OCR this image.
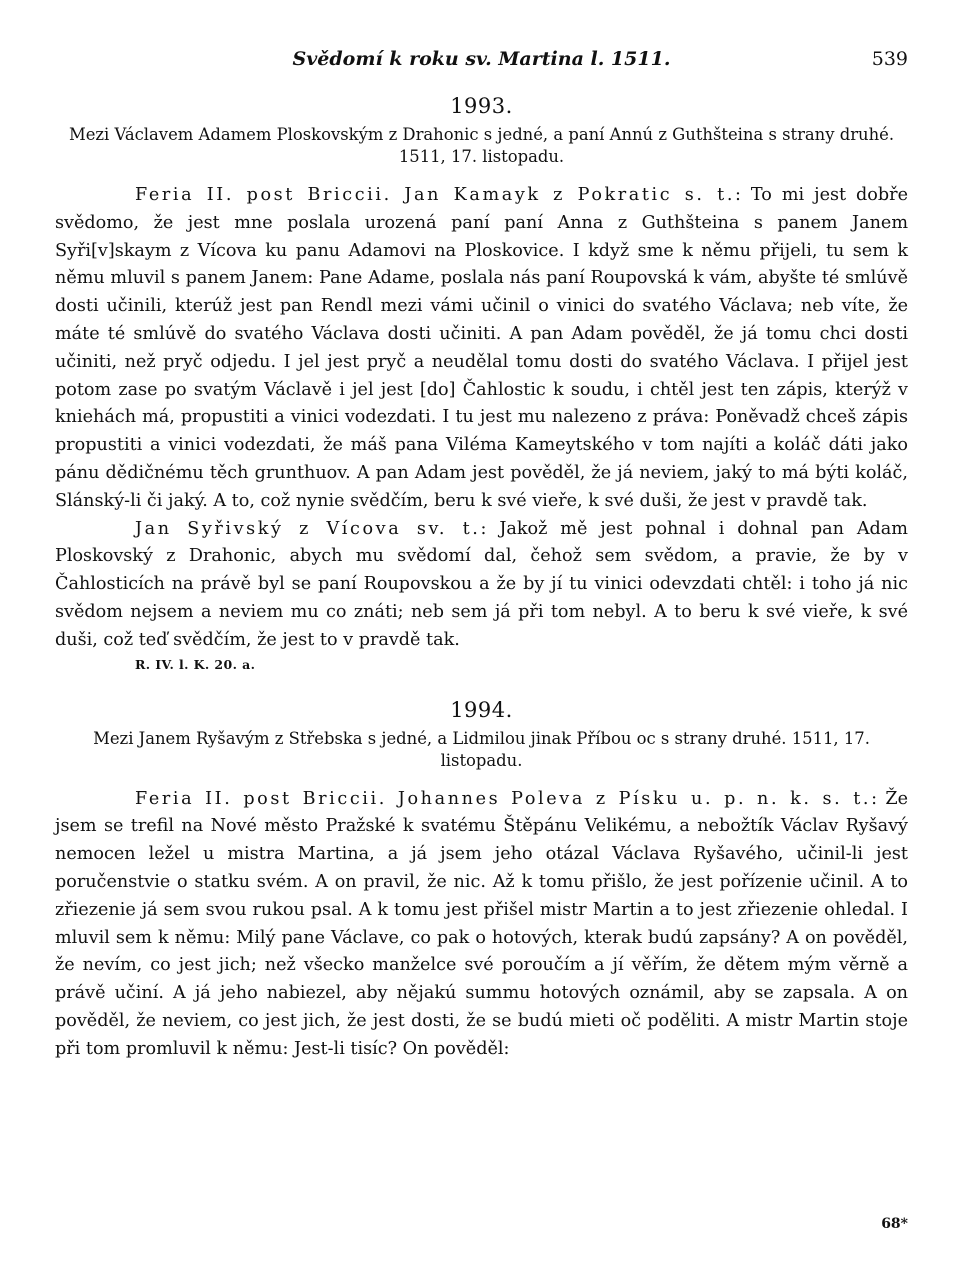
Svědomí k roku sv. Martina l. 1511.	539
1993.
Mezi Václavem Adamem Ploskovským z Drahonic s jedné, a paní Annú z Guthšteina s strany druhé. 1511, 17. listopadu.

Feria II. post Briccii. Jan Kamayk z Pokratic s. t.: To mi jest dobře svědomo, že jest mne poslala urozená paní paní Anna z Guthšteina s panem Janem Syři[v]skaym z Vícova ku panu Adamovi na Ploskovice. I když sme k němu přijeli, tu sem k němu mluvil s panem Janem: Pane Adame, poslala nás paní Roupovská k vám, abyšte té smlúvě dosti učinili, kterúž jest pan Rendl mezi vámi učinil o vinici do svatého Václava; neb víte, že máte té smlúvě do svatého Václava dosti učiniti. A pan Adam pověděl, že já tomu chci dosti učiniti, než pryč odjedu. I jel jest pryč a neudělal tomu dosti do svatého Václava. I přijel jest potom zase po svatým Václavě i jel jest [do] Čahlostic k soudu, i chtěl jest ten zápis, kterýž v kniehách má, propustiti a vinici vodezdati. I tu jest mu nalezeno z práva: Poněvadž chceš zápis propustiti a vinici vodezdati, že máš pana Viléma Kameytského v tom najíti a koláč dáti jako pánu dědičnému těch grunthuov. A pan Adam jest pověděl, že já neviem, jaký to má býti koláč, Slánský-li či jaký. A to, což nynie svědčím, beru k své vieře, k své duši, že jest v pravdě tak.

Jan Syřivský z Vícova sv. t.: Jakož mě jest pohnal i dohnal pan Adam Ploskovský z Drahonic, abych mu svědomí dal, čehož sem svědom, a pravie, že by v Čahlosticích na právě byl se paní Roupovskou a že by jí tu vinici odevzdati chtěl: i toho já nic svědom nejsem a neviem mu co znáti; neb sem já při tom nebyl. A to beru k své vieře, k své duši, což teď svědčím, že jest to v pravdě tak.

R. IV. l. K. 20. a.
1994.
Mezi Janem Ryšavým z Střebska s jedné, a Lidmilou jinak Příbou oc s strany druhé. 1511, 17. listopadu.

Feria II. post Briccii. Johannes Poleva z Písku u. p. n. k. s. t.: Že jsem se trefil na Nové město Pražské k svatému Štěpánu Velikému, a nebožtík Václav Ryšavý nemocen ležel u mistra Martina, a já jsem jeho otázal Václava Ryšavého, učinil-li jest poručenstvie o statku svém. A on pravil, že nic. Až k tomu přišlo, že jest pořízenie učinil. A to zřiezenie já sem svou rukou psal. A k tomu jest přišel mistr Martin a to jest zřiezenie ohledal. I mluvil sem k němu: Milý pane Václave, co pak o hotových, kterak budú zapsány? A on pověděl, že nevím, co jest jich; než všecko manželce své poroučím a jí věřím, že dětem mým věrně a právě učiní. A já jeho nabiezel, aby nějakú summu hotových oznámil, aby se zapsala. A on pověděl, že neviem, co jest jich, že jest dosti, že se budú mieti oč poděliti. A mistr Martin stoje při tom promluvil k němu: Jest-li tisíc? On pověděl:

68*
